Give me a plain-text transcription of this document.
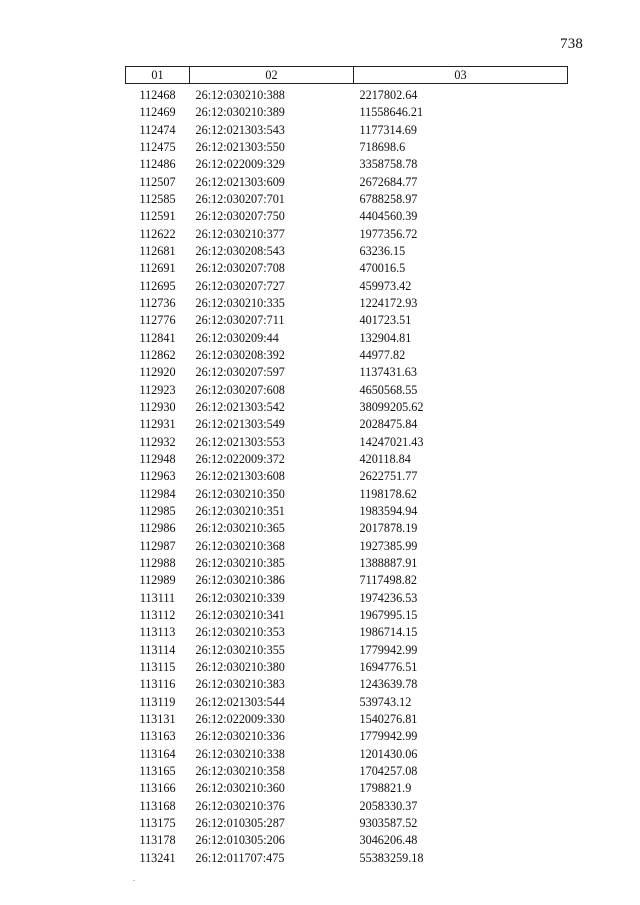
738
01	02	03
112468	26:12:030210:388	2217802.64
112469	26:12:030210:389	11558646.21
112474	26:12:021303:543	1177314.69
112475	26:12:021303:550	718698.6
112486	26:12:022009:329	3358758.78
112507	26:12:021303:609	2672684.77
112585	26:12:030207:701	6788258.97
112591	26:12:030207:750	4404560.39
112622	26:12:030210:377	1977356.72
112681	26:12:030208:543	63236.15
112691	26:12:030207:708	470016.5
112695	26:12:030207:727	459973.42
112736	26:12:030210:335	1224172.93
112776	26:12:030207:711	401723.51
112841	26:12:030209:44	132904.81
112862	26:12:030208:392	44977.82
112920	26:12:030207:597	1137431.63
112923	26:12:030207:608	4650568.55
112930	26:12:021303:542	38099205.62
112931	26:12:021303:549	2028475.84
112932	26:12:021303:553	14247021.43
112948	26:12:022009:372	420118.84
112963	26:12:021303:608	2622751.77
112984	26:12:030210:350	1198178.62
112985	26:12:030210:351	1983594.94
112986	26:12:030210:365	2017878.19
112987	26:12:030210:368	1927385.99
112988	26:12:030210:385	1388887.91
112989	26:12:030210:386	7117498.82
113111	26:12:030210:339	1974236.53
113112	26:12:030210:341	1967995.15
113113	26:12:030210:353	1986714.15
113114	26:12:030210:355	1779942.99
113115	26:12:030210:380	1694776.51
113116	26:12:030210:383	1243639.78
113119	26:12:021303:544	539743.12
113131	26:12:022009:330	1540276.81
113163	26:12:030210:336	1779942.99
113164	26:12:030210:338	1201430.06
113165	26:12:030210:358	1704257.08
113166	26:12:030210:360	1798821.9
113168	26:12:030210:376	2058330.37
113175	26:12:010305:287	9303587.52
113178	26:12:010305:206	3046206.48
113241	26:12:011707:475	55383259.18
